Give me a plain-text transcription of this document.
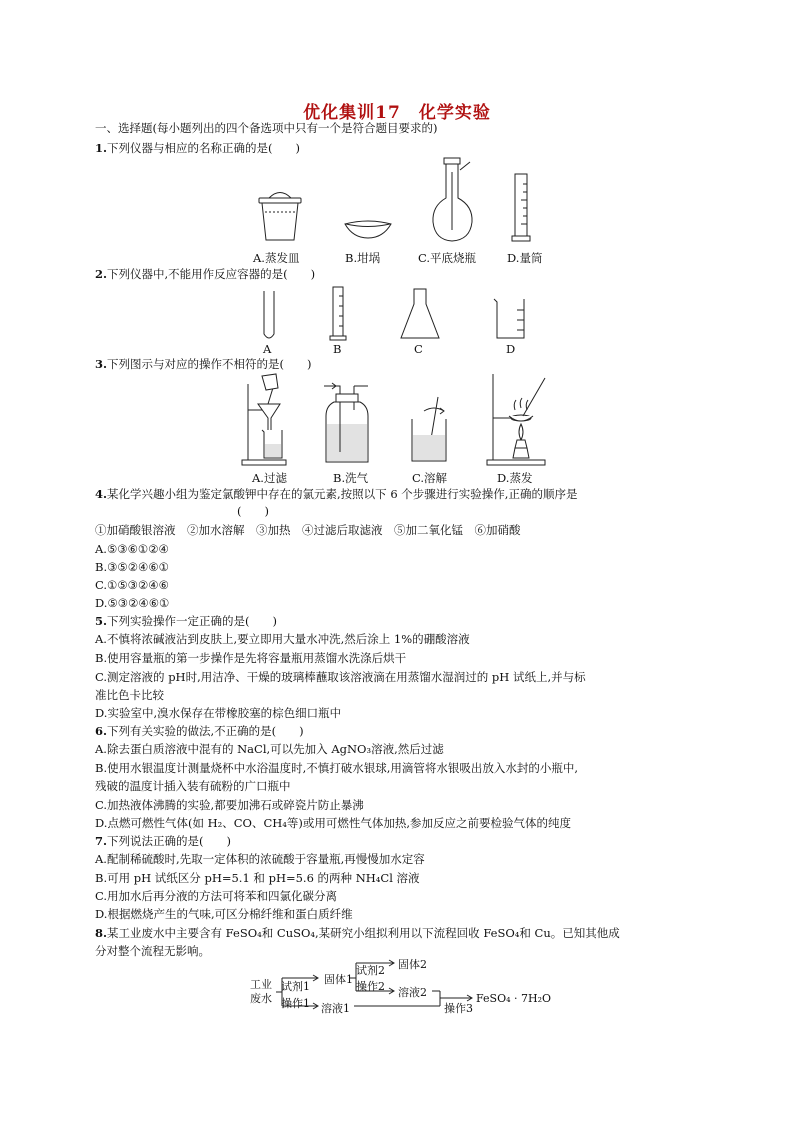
优化集训17　化学实验
一、选择题(每小题列出的四个备选项中只有一个是符合题目要求的)
1.下列仪器与相应的名称正确的是(　　)
A.蒸发皿	B.坩埚	C.平底烧瓶	D.量筒
2.下列仪器中,不能用作反应容器的是(　　)
A	B	C	D
3.下列图示与对应的操作不相符的是(　　)
A.过滤	B.洗气	C.溶解	D.蒸发
4.某化学兴趣小组为鉴定氯酸钾中存在的氯元素,按照以下 6 个步骤进行实验操作,正确的顺序是
(　　)
①加硝酸银溶液　②加水溶解　③加热　④过滤后取滤液　⑤加二氧化锰　⑥加硝酸
A.⑤③⑥①②④
B.③⑤②④⑥①
C.①⑤③②④⑥
D.⑤③②④⑥①
5.下列实验操作一定正确的是(　　)
A.不慎将浓碱液沾到皮肤上,要立即用大量水冲洗,然后涂上 1%的硼酸溶液
B.使用容量瓶的第一步操作是先将容量瓶用蒸馏水洗涤后烘干
C.测定溶液的 pH时,用洁净、干燥的玻璃棒蘸取该溶液滴在用蒸馏水湿润过的 pH 试纸上,并与标
准比色卡比较
D.实验室中,溴水保存在带橡胶塞的棕色细口瓶中
6.下列有关实验的做法,不正确的是(　　)
A.除去蛋白质溶液中混有的 NaCl,可以先加入 AgNO₃溶液,然后过滤
B.使用水银温度计测量烧杯中水浴温度时,不慎打破水银球,用滴管将水银吸出放入水封的小瓶中,
残破的温度计插入装有硫粉的广口瓶中
C.加热液体沸腾的实验,都要加沸石或碎瓷片防止暴沸
D.点燃可燃性气体(如 H₂、CO、CH₄等)或用可燃性气体加热,参加反应之前要检验气体的纯度
7.下列说法正确的是(　　)
A.配制稀硫酸时,先取一定体积的浓硫酸于容量瓶,再慢慢加水定容
B.可用 pH 试纸区分 pH=5.1 和 pH=5.6 的两种 NH₄Cl 溶液
C.用加水后再分液的方法可将苯和四氯化碳分离
D.根据燃烧产生的气味,可区分棉纤维和蛋白质纤维
8.某工业废水中主要含有 FeSO₄和 CuSO₄,某研究小组拟利用以下流程回收 FeSO₄和 Cu。已知其他成
分对整个流程无影响。
工业
废水
试剂1
操作1
固体1
溶液1
试剂2
操作2
固体2
溶液2
操作3
FeSO₄ · 7H₂O
